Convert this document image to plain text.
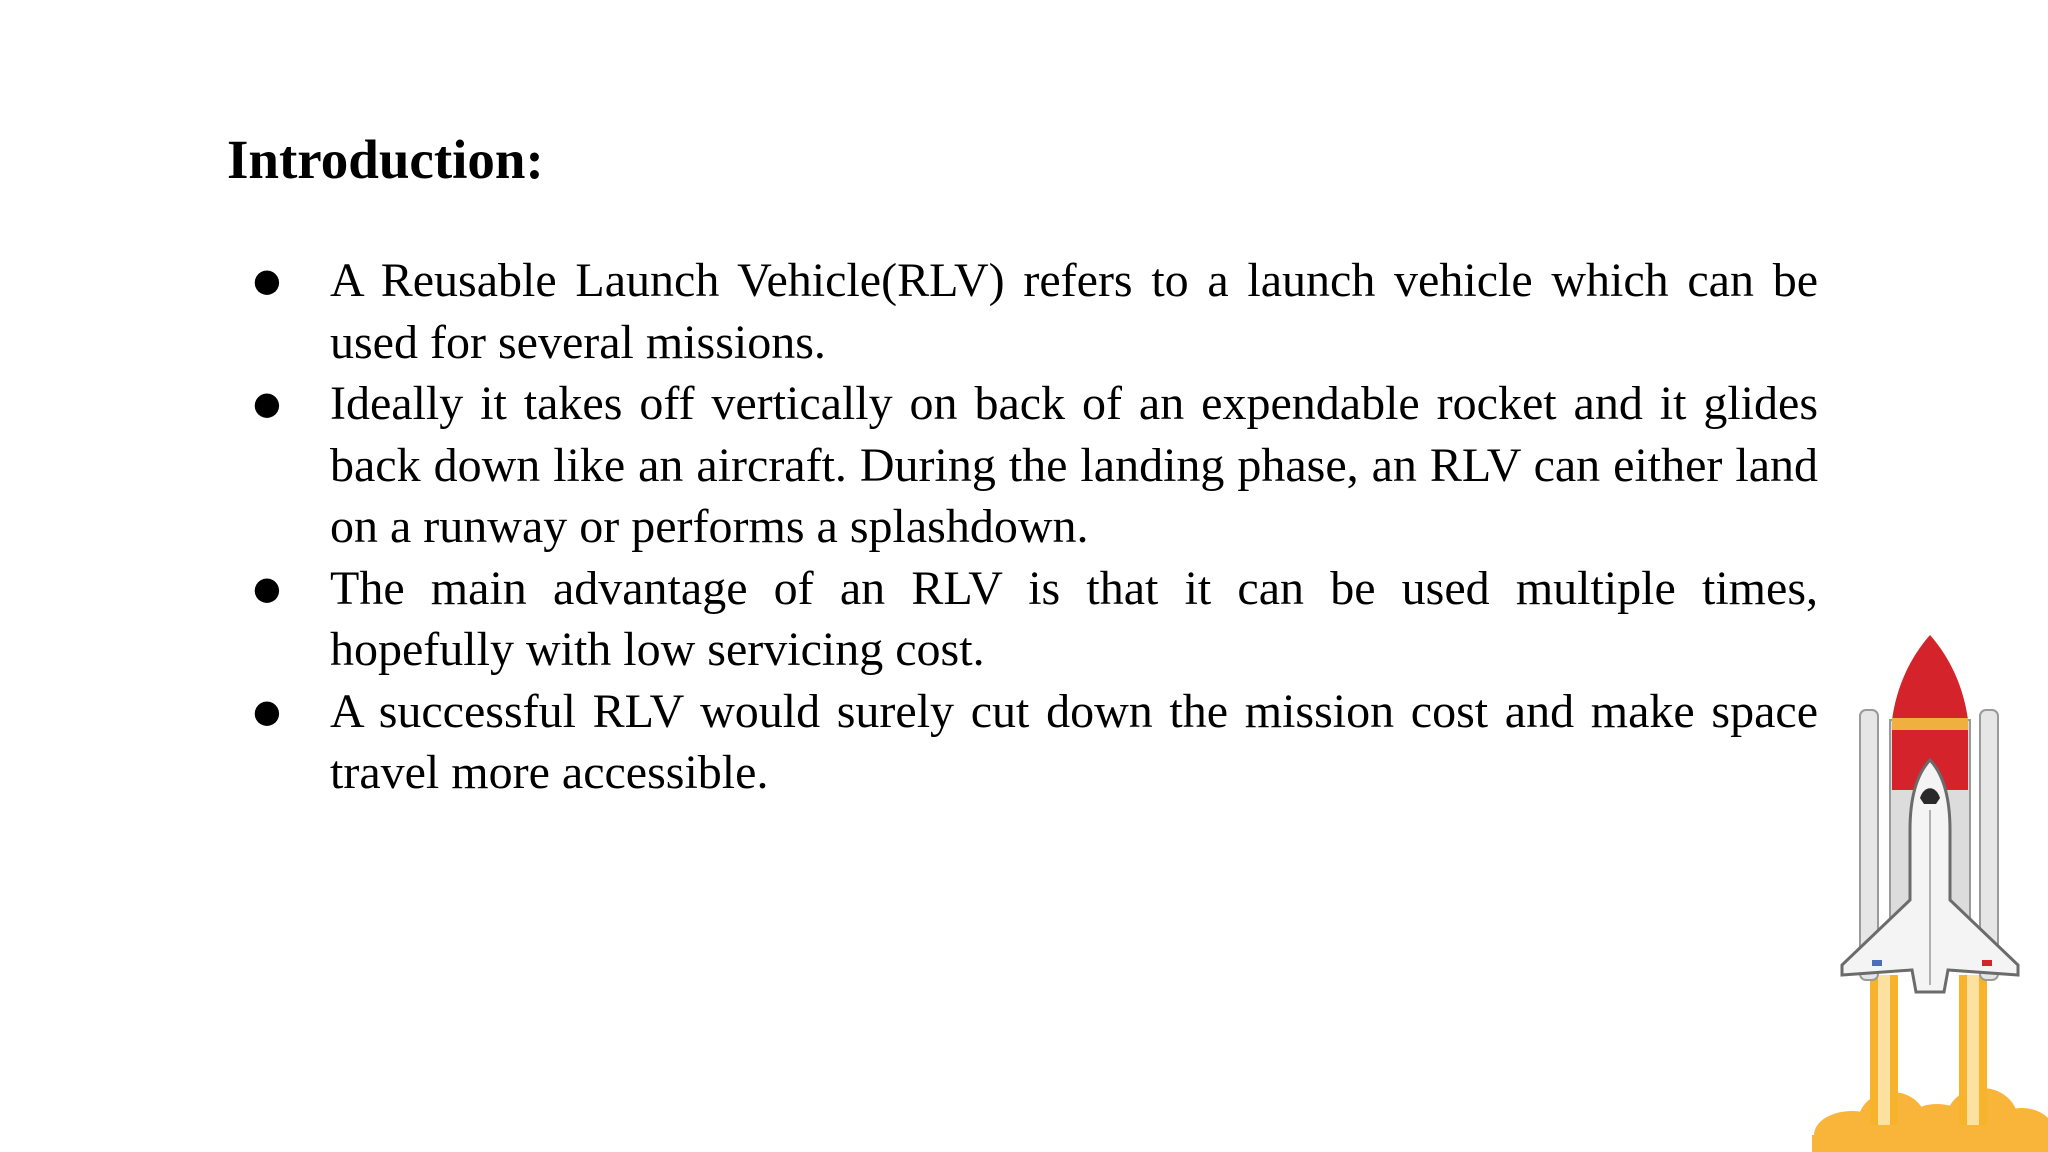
Introduction:
● A Reusable Launch Vehicle(RLV) refers to a launch vehicle which can be used for several missions.
● Ideally it takes off vertically on back of an expendable rocket and it glides back down like an aircraft. During the landing phase, an RLV can either land on a runway or performs a splashdown.
● The main advantage of an RLV is that it can be used multiple times, hopefully with low servicing cost.
● A successful RLV would surely cut down the mission cost and make space travel more accessible.
